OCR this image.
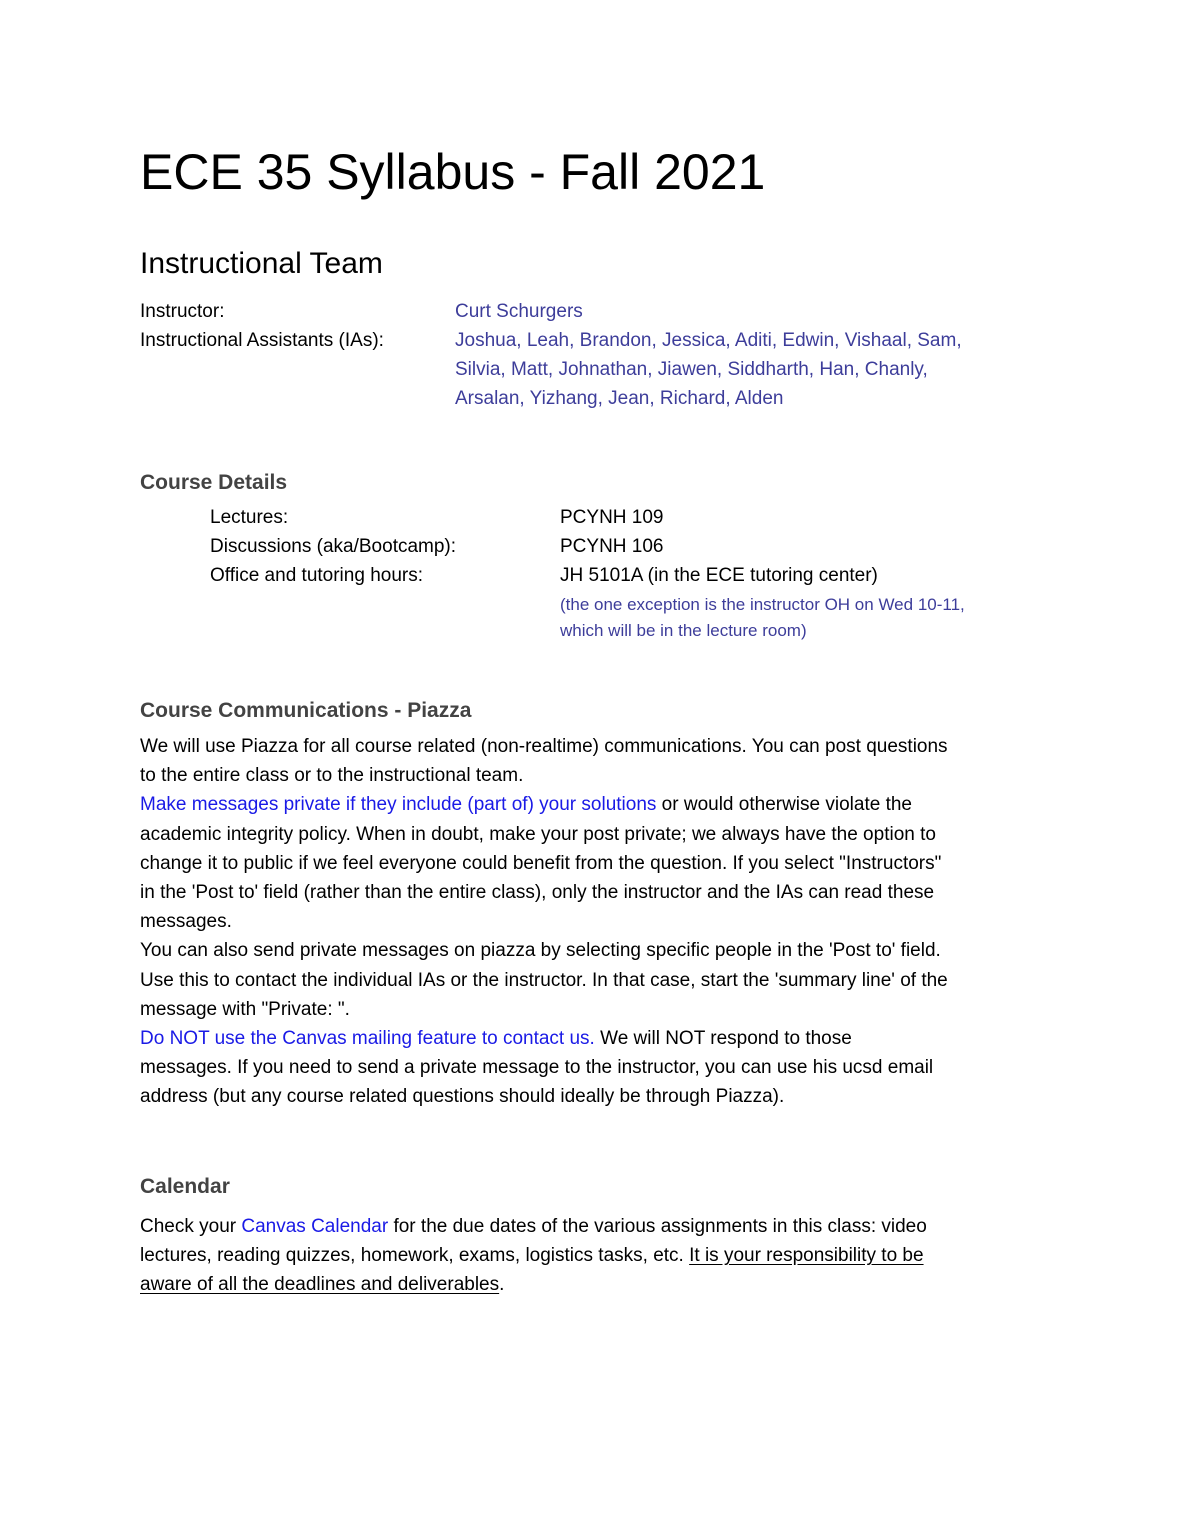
ECE 35 Syllabus - Fall 2021
Instructional Team
Instructor:	Curt Schurgers
Instructional Assistants (IAs):	Joshua, Leah, Brandon, Jessica, Aditi, Edwin, Vishaal, Sam,
Silvia, Matt, Johnathan, Jiawen, Siddharth, Han, Chanly,
Arsalan, Yizhang, Jean, Richard, Alden
Course Details
Lectures:	PCYNH 109
Discussions (aka/Bootcamp):	PCYNH 106
Office and tutoring hours:	JH 5101A (in the ECE tutoring center)
(the one exception is the instructor OH on Wed 10-11,
which will be in the lecture room)
Course Communications - Piazza
We will use Piazza for all course related (non-realtime) communications. You can post questions
to the entire class or to the instructional team.
Make messages private if they include (part of) your solutions or would otherwise violate the
academic integrity policy. When in doubt, make your post private; we always have the option to
change it to public if we feel everyone could benefit from the question. If you select "Instructors"
in the 'Post to' field (rather than the entire class), only the instructor and the IAs can read these
messages.
You can also send private messages on piazza by selecting specific people in the 'Post to' field.
Use this to contact the individual IAs or the instructor. In that case, start the 'summary line' of the
message with "Private: ".
Do NOT use the Canvas mailing feature to contact us. We will NOT respond to those
messages. If you need to send a private message to the instructor, you can use his ucsd email
address (but any course related questions should ideally be through Piazza).
Calendar
Check your Canvas Calendar for the due dates of the various assignments in this class: video
lectures, reading quizzes, homework, exams, logistics tasks, etc. It is your responsibility to be
aware of all the deadlines and deliverables.
